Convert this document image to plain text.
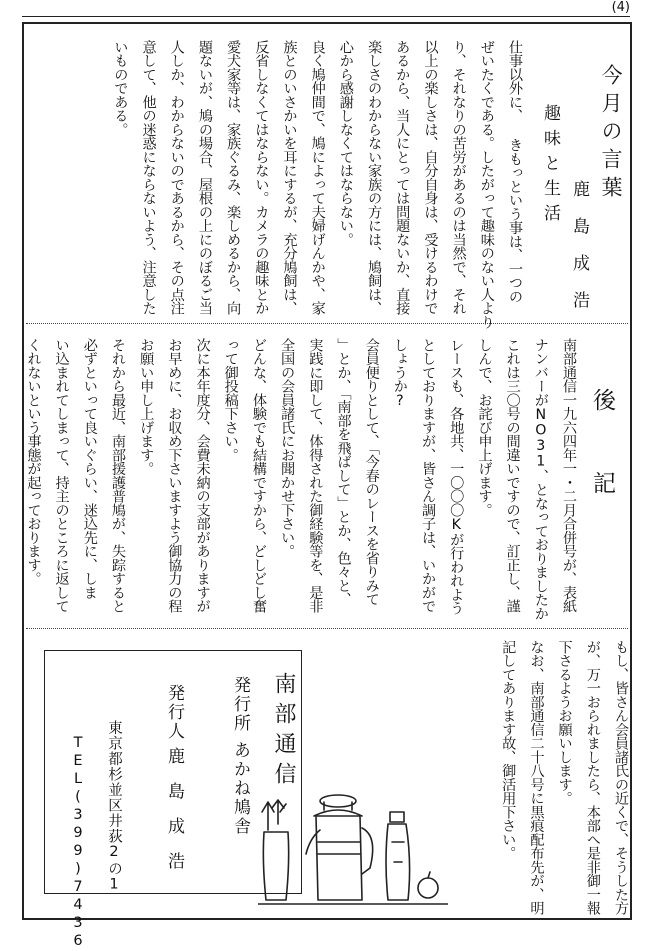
(4)
今月の言葉
鹿島成浩
趣味と生活
仕事以外に、 きもっという事は、一つの
ぜいたくである。したがって趣味のない人より
り、それなりの苦労があるのは当然で、それ
以上の楽しさは、自分自身は、受けるわけで
あるから、当人にとっては問題ないか、直接
楽しさのわからない家族の方には、鳩飼は、
心から感謝しなくてはならない。
良く鳩仲間で、鳩によって夫婦げんかや、家
族とのいさかいを耳にするが、充分鳩飼は、
反省しなくてはならない。カメラの趣味とか
愛犬家等は、家族ぐるみ、楽しめるから、向
題ないが、鳩の場合、屋根の上にのぼるご当
人しか、わからないのであるから、その点注
意して、他の迷惑にならないよう、注意した
いものである。
後記
南部通信一九六四年一・二月合併号が、表紙
ナンバーがNO31、となっておりましたか
これは三〇号の間違いですので、訂正し、謹
しんで、お詫び申上げます。
レースも、各地共、一〇〇〇Kが行われよう
としておりますが、皆さん調子は、いかがで
しょうか?
会員便りとして、「今春のレースを省りみて
」とか、「南部を飛ばして」とか、色々と、
実践に即して、体得された御経験等を、是非
全国の会員諸氏にお聞かせ下さい。
どんな、体験でも結構ですから、どしどし奮
って御投稿下さい。
次に本年度分、会費未納の支部がありますが
お早めに、お収め下さいますよう御協力の程
お願い申し上げます。
それから最近、南部援護普鳩が、失踪すると
必ずといって良いぐらい、迷込先に、しま
い込まれてしまって、持主のところに返して
くれないという事態が起っております。
もし、皆さん会員諸氏の近くで、そうした方
が、万一おられましたら、本部へ是非御一報
下さるようお願いします。
なお、南部通信二十八号に黒痕配布先が、明
記してあります故、御活用下さい。
南部通信
発行所あかね鳩舎
発行人鹿島成浩
東京都杉並区井荻2の1
TEL(399)7436
